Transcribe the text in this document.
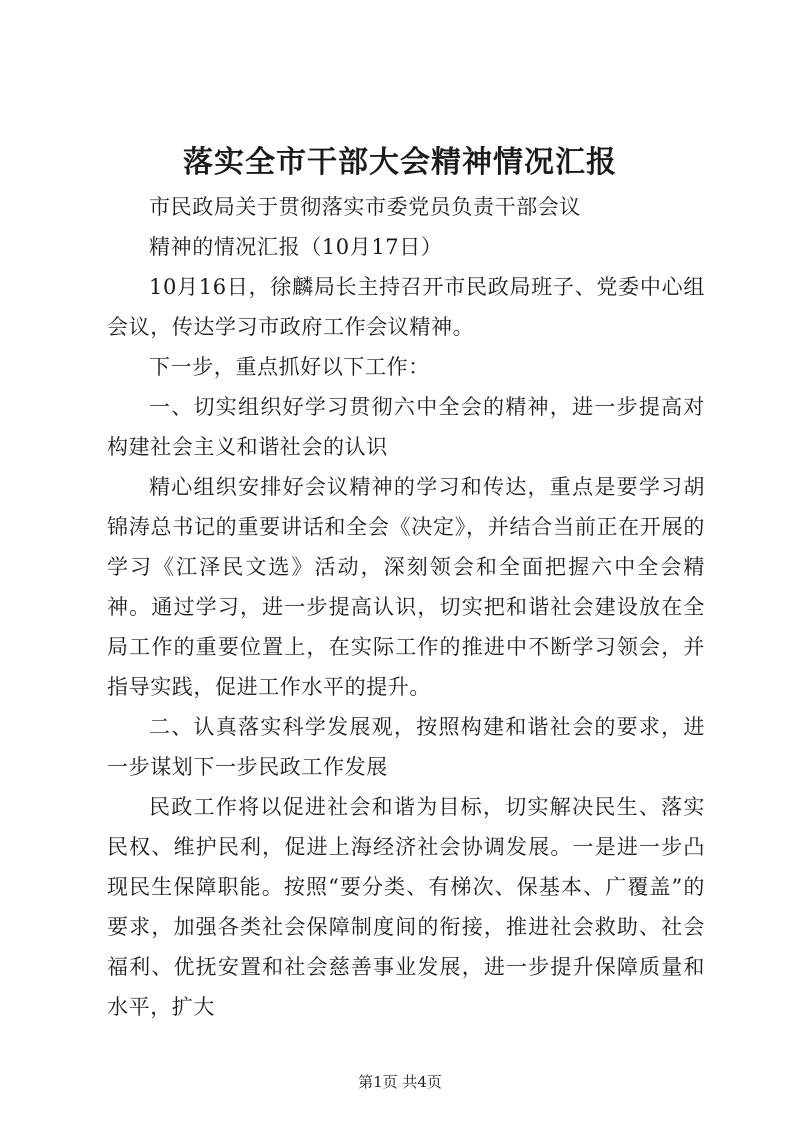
落实全市干部大会精神情况汇报

市民政局关于贯彻落实市委党员负责干部会议

精神的情况汇报（10月17日）

10月16日，徐麟局长主持召开市民政局班子、党委中心组会议，传达学习市政府工作会议精神。

下一步，重点抓好以下工作：

一、切实组织好学习贯彻六中全会的精神，进一步提高对构建社会主义和谐社会的认识

精心组织安排好会议精神的学习和传达，重点是要学习胡锦涛总书记的重要讲话和全会《决定》，并结合当前正在开展的学习《江泽民文选》活动，深刻领会和全面把握六中全会精神。通过学习，进一步提高认识，切实把和谐社会建设放在全局工作的重要位置上，在实际工作的推进中不断学习领会，并指导实践，促进工作水平的提升。

二、认真落实科学发展观，按照构建和谐社会的要求，进一步谋划下一步民政工作发展

民政工作将以促进社会和谐为目标，切实解决民生、落实民权、维护民利，促进上海经济社会协调发展。一是进一步凸现民生保障职能。按照“要分类、有梯次、保基本、广覆盖”的要求，加强各类社会保障制度间的衔接，推进社会救助、社会福利、优抚安置和社会慈善事业发展，进一步提升保障质量和水平，扩大

第1页 共4页
